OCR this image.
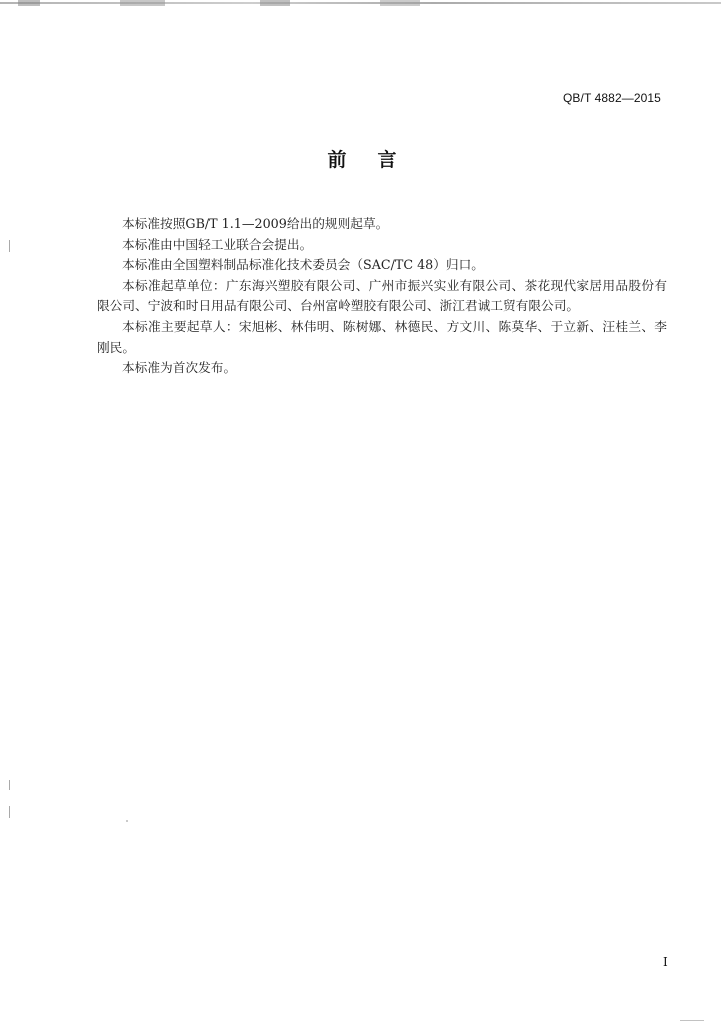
QB/T 4882—2015
前言

本标准按照GB/T 1.1—2009给出的规则起草。

本标准由中国轻工业联合会提出。

本标准由全国塑料制品标准化技术委员会（SAC/TC 48）归口。

本标准起草单位：广东海兴塑胶有限公司、广州市振兴实业有限公司、茶花现代家居用品股份有限公司、宁波和时日用品有限公司、台州富岭塑胶有限公司、浙江君诚工贸有限公司。

本标准主要起草人：宋旭彬、林伟明、陈树娜、林德民、方文川、陈莫华、于立新、汪桂兰、李刚民。

本标准为首次发布。

I
